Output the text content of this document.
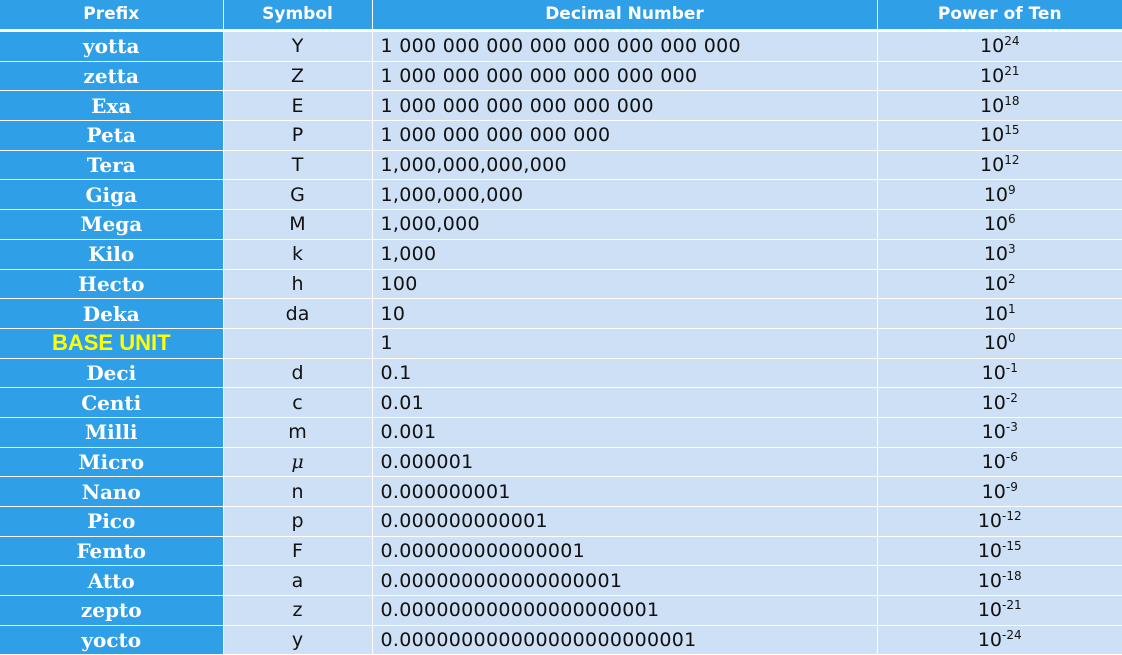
Prefix	Symbol	Decimal Number	Power of Ten
yotta	Y	1 000 000 000 000 000 000 000 000	$10^{24}$
zetta	Z	1 000 000 000 000 000 000 000	$10^{21}$
Exa	E	1 000 000 000 000 000 000	$10^{18}$
Peta	P	1 000 000 000 000 000	$10^{15}$
Tera	T	1,000,000,000,000	$10^{12}$
Giga	G	1,000,000,000	$10^9$
Mega	M	1,000,000	$10^6$
Kilo	k	1,000	$10^3$
Hecto	h	100	$10^2$
Deka	da	10	$10^1$
BASE UNIT		1	$10^0$
Deci	d	0.1	$10^{-1}$
Centi	c	0.01	$10^{-2}$
Milli	m	0.001	$10^{-3}$
Micro	μ	0.000001	$10^{-6}$
Nano	n	0.000000001	$10^{-9}$
Pico	p	0.000000000001	$10^{-12}$
Femto	F	0.000000000000001	$10^{-15}$
Atto	a	0.000000000000000001	$10^{-18}$
zepto	z	0.000000000000000000001	$10^{-21}$
yocto	y	0.000000000000000000000001	$10^{-24}$
